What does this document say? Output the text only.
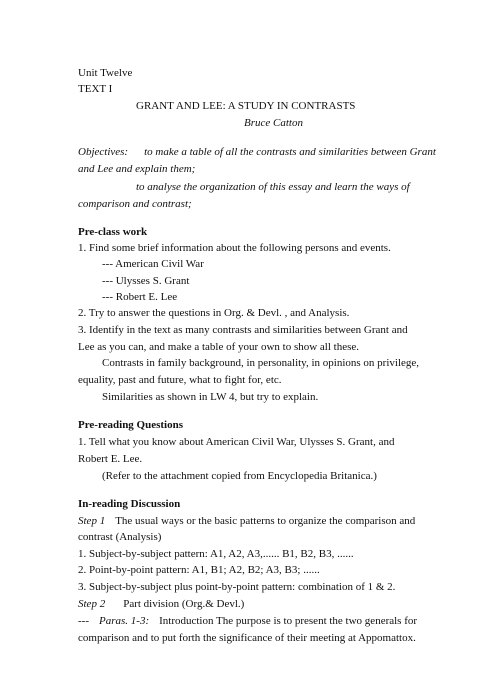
Unit Twelve
TEXT I
GRANT AND LEE: A STUDY IN CONTRASTS
Bruce Catton
Objectives: to make a table of all the contrasts and similarities between Grant
and Lee and explain them;
to analyse the organization of this essay and learn the ways of
comparison and contrast;
Pre-class work
1. Find some brief information about the following persons and events.
--- American Civil War
--- Ulysses S. Grant
--- Robert E. Lee
2. Try to answer the questions in Org. & Devl. , and Analysis.
3. Identify in the text as many contrasts and similarities between Grant and
Lee as you can, and make a table of your own to show all these.
Contrasts in family background, in personality, in opinions on privilege,
equality, past and future, what to fight for, etc.
Similarities as shown in LW 4, but try to explain.
Pre-reading Questions
1. Tell what you know about American Civil War, Ulysses S. Grant, and
Robert E. Lee.
(Refer to the attachment copied from Encyclopedia Britanica.)
In-reading Discussion
Step 1 The usual ways or the basic patterns to organize the comparison and
contrast (Analysis)
1. Subject-by-subject pattern: A1, A2, A3,...... B1, B2, B3, ......
2. Point-by-point pattern: A1, B1; A2, B2; A3, B3; ......
3. Subject-by-subject plus point-by-point pattern: combination of 1 & 2.
Step 2 Part division (Org.& Devl.)
--- Paras. 1-3: Introduction The purpose is to present the two generals for
comparison and to put forth the significance of their meeting at Appomattox.
